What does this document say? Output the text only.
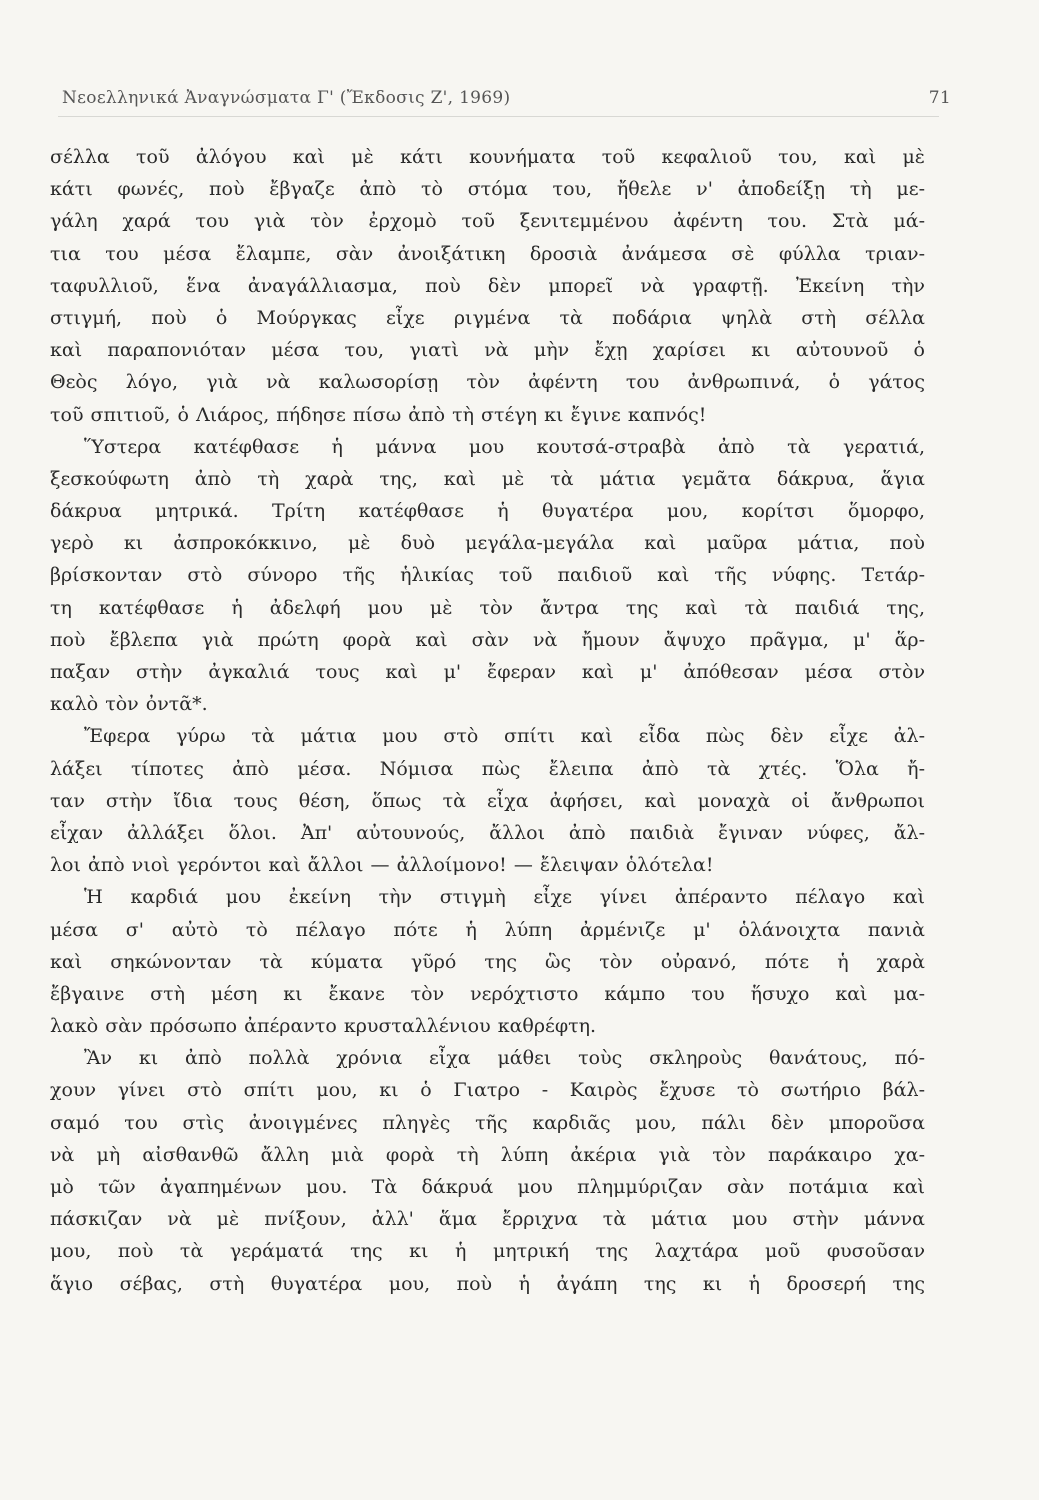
Νεοελληνικά Ἀναγνώσματα Γ' (Ἔκδοσις Ζ', 1969)	71
σέλλα τοῦ ἀλόγου καὶ μὲ κάτι κουνήματα τοῦ κεφαλιοῦ του, καὶ μὲ
κάτι φωνές, ποὺ ἔβγαζε ἀπὸ τὸ στόμα του, ἤθελε ν' ἀποδείξῃ τὴ με-
γάλη χαρά του γιὰ τὸν ἐρχομὸ τοῦ ξενιτεμμένου ἀφέντη του. Στὰ μά-
τια του μέσα ἔλαμπε, σὰν ἀνοιξάτικη δροσιὰ ἀνάμεσα σὲ φύλλα τριαν-
ταφυλλιοῦ, ἕνα ἀναγάλλιασμα, ποὺ δὲν μπορεῖ νὰ γραφτῇ. Ἐκείνη τὴν
στιγμή, ποὺ ὁ Μούργκας εἶχε ριγμένα τὰ ποδάρια ψηλὰ στὴ σέλλα
καὶ παραπονιόταν μέσα του, γιατὶ νὰ μὴν ἔχῃ χαρίσει κι αὐτουνοῦ ὁ
Θεὸς λόγο, γιὰ νὰ καλωσορίσῃ τὸν ἀφέντη του ἀνθρωπινά, ὁ γάτος
τοῦ σπιτιοῦ, ὁ Λιάρος, πήδησε πίσω ἀπὸ τὴ στέγη κι ἔγινε καπνός!
Ὕστερα κατέφθασε ἡ μάννα μου κουτσά-στραβὰ ἀπὸ τὰ γερατιά,
ξεσκούφωτη ἀπὸ τὴ χαρὰ της, καὶ μὲ τὰ μάτια γεμᾶτα δάκρυα, ἅγια
δάκρυα μητρικά. Τρίτη κατέφθασε ἡ θυγατέρα μου, κορίτσι ὅμορφο,
γερὸ κι ἀσπροκόκκινο, μὲ δυὸ μεγάλα-μεγάλα καὶ μαῦρα μάτια, ποὺ
βρίσκονταν στὸ σύνορο τῆς ἡλικίας τοῦ παιδιοῦ καὶ τῆς νύφης. Τετάρ-
τη κατέφθασε ἡ ἀδελφή μου μὲ τὸν ἄντρα της καὶ τὰ παιδιά της,
ποὺ ἔβλεπα γιὰ πρώτη φορὰ καὶ σὰν νὰ ἤμουν ἄψυχο πρᾶγμα, μ' ἅρ-
παξαν στὴν ἀγκαλιά τους καὶ μ' ἔφεραν καὶ μ' ἀπόθεσαν μέσα στὸν
καλὸ τὸν ὀντᾶ*.
Ἔφερα γύρω τὰ μάτια μου στὸ σπίτι καὶ εἶδα πὼς δὲν εἶχε ἀλ-
λάξει τίποτες ἀπὸ μέσα. Νόμισα πὼς ἔλειπα ἀπὸ τὰ χτές. Ὅλα ἤ-
ταν στὴν ἴδια τους θέση, ὅπως τὰ εἶχα ἀφήσει, καὶ μοναχὰ οἱ ἄνθρωποι
εἶχαν ἀλλάξει ὅλοι. Ἀπ' αὐτουνούς, ἄλλοι ἀπὸ παιδιὰ ἔγιναν νύφες, ἄλ-
λοι ἀπὸ νιοὶ γερόντοι καὶ ἄλλοι — ἀλλοίμονο! — ἔλειψαν ὁλότελα!
Ἡ καρδιά μου ἐκείνη τὴν στιγμὴ εἶχε γίνει ἀπέραντο πέλαγο καὶ
μέσα σ' αὐτὸ τὸ πέλαγο πότε ἡ λύπη ἀρμένιζε μ' ὁλάνοιχτα πανιὰ
καὶ σηκώνονταν τὰ κύματα γῦρό της ὣς τὸν οὐρανό, πότε ἡ χαρὰ
ἔβγαινε στὴ μέση κι ἔκανε τὸν νερόχτιστο κάμπο του ἥσυχο καὶ μα-
λακὸ σὰν πρόσωπο ἀπέραντο κρυσταλλένιου καθρέφτη.
Ἂν κι ἀπὸ πολλὰ χρόνια εἶχα μάθει τοὺς σκληροὺς θανάτους, πό-
χουν γίνει στὸ σπίτι μου, κι ὁ Γιατρο - Καιρὸς ἔχυσε τὸ σωτήριο βάλ-
σαμό του στὶς ἀνοιγμένες πληγὲς τῆς καρδιᾶς μου, πάλι δὲν μποροῦσα
νὰ μὴ αἰσθανθῶ ἄλλη μιὰ φορὰ τὴ λύπη ἀκέρια γιὰ τὸν παράκαιρο χα-
μὸ τῶν ἀγαπημένων μου. Τὰ δάκρυά μου πλημμύριζαν σὰν ποτάμια καὶ
πάσκιζαν νὰ μὲ πνίξουν, ἀλλ' ἅμα ἔρριχνα τὰ μάτια μου στὴν μάννα
μου, ποὺ τὰ γεράματά της κι ἡ μητρική της λαχτάρα μοῦ φυσοῦσαν
ἅγιο σέβας, στὴ θυγατέρα μου, ποὺ ἡ ἀγάπη της κι ἡ δροσερή της
